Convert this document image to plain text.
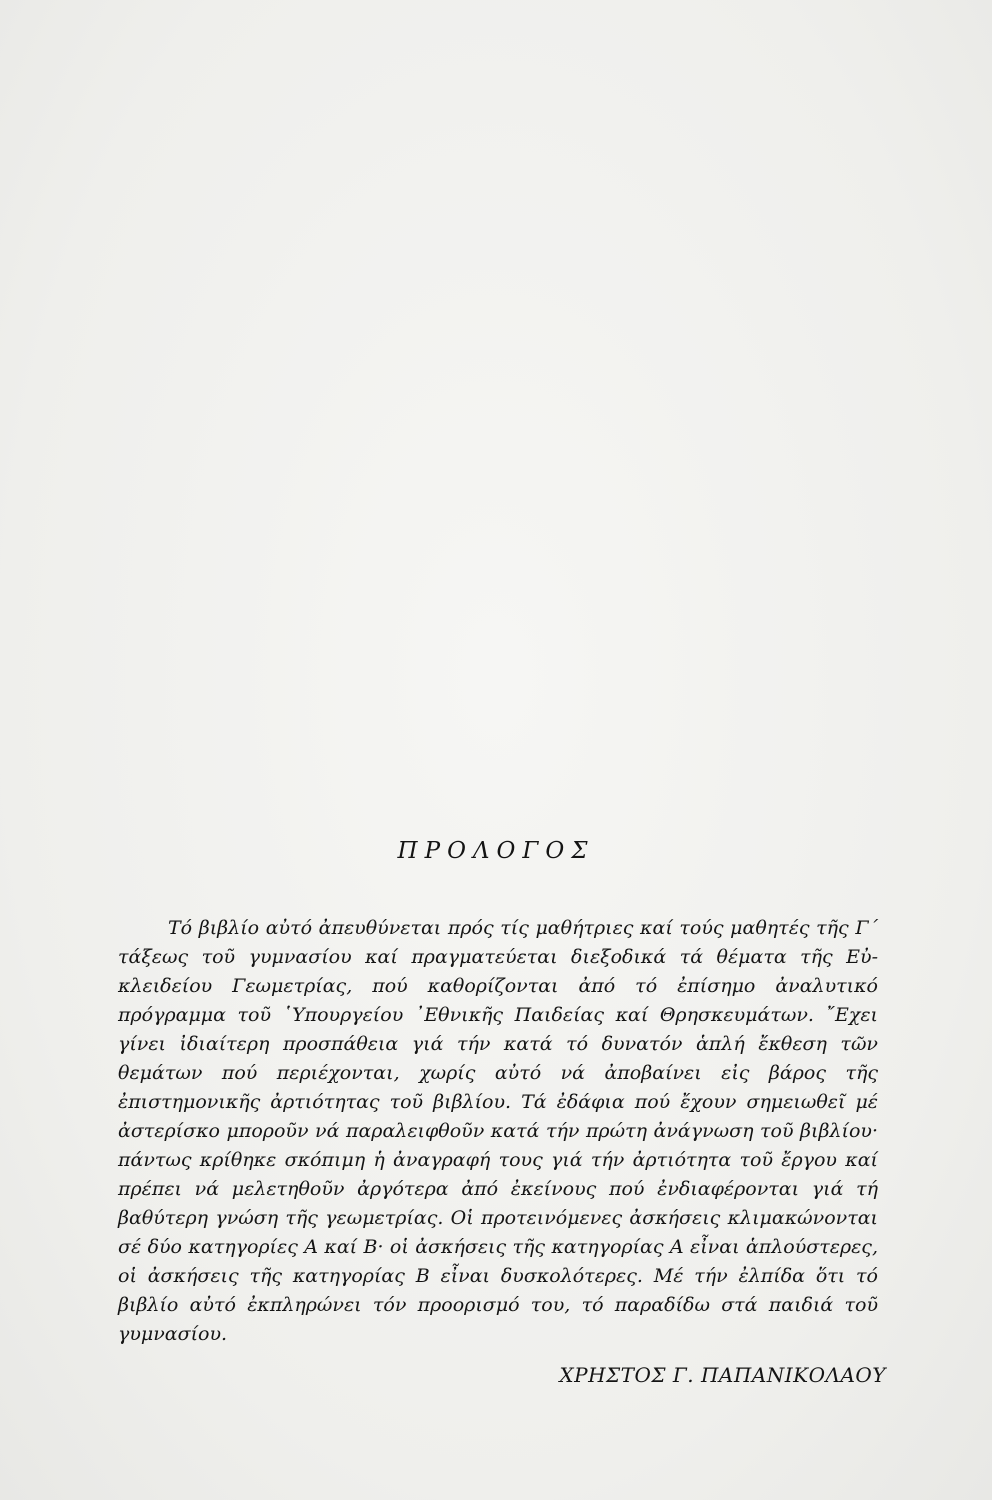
ΠΡΟΛΟΓΟΣ
Τό βιβλίο αὐτό ἀπευθύνεται πρός τίς μαθήτριες καί τούς μαθητές τῆς Γ΄ τάξεως τοῦ γυμνασίου καί πραγματεύεται διεξοδικά τά θέματα τῆς Εὐκλειδείου Γεωμετρίας, πού καθορίζονται ἀπό τό ἐπίσημο ἀναλυτικό πρόγραμμα τοῦ ῾Υπουργείου ᾿Εθνικῆς Παιδείας καί Θρησκευμάτων. ῎Εχει γίνει ἰδιαίτερη προσπάθεια γιά τήν κατά τό δυνατόν ἁπλή ἔκθεση τῶν θεμάτων πού περιέχονται, χωρίς αὐτό νά ἀποβαίνει εἰς βάρος τῆς ἐπιστημονικῆς ἀρτιότητας τοῦ βιβλίου. Τά ἐδάφια πού ἔχουν σημειωθεῖ μέ ἀστερίσκο μποροῦν νά παραλειφθοῦν κατά τήν πρώτη ἀνάγνωση τοῦ βιβλίου· πάντως κρίθηκε σκόπιμη ἡ ἀναγραφή τους γιά τήν ἀρτιότητα τοῦ ἔργου καί πρέπει νά μελετηθοῦν ἀργότερα ἀπό ἐκείνους πού ἐνδιαφέρονται γιά τή βαθύτερη γνώση τῆς γεωμετρίας. Οἱ προτεινόμενες ἀσκήσεις κλιμακώνονται σέ δύο κατηγορίες Α καί Β· οἱ ἀσκήσεις τῆς κατηγορίας Α εἶναι ἁπλούστερες, οἱ ἀσκήσεις τῆς κατηγορίας Β εἶναι δυσκολότερες. Μέ τήν ἐλπίδα ὅτι τό βιβλίο αὐτό ἐκπληρώνει τόν προορισμό του, τό παραδίδω στά παιδιά τοῦ γυμνασίου.
ΧΡΗΣΤΟΣ Γ. ΠΑΠΑΝΙΚΟΛΑΟΥ
